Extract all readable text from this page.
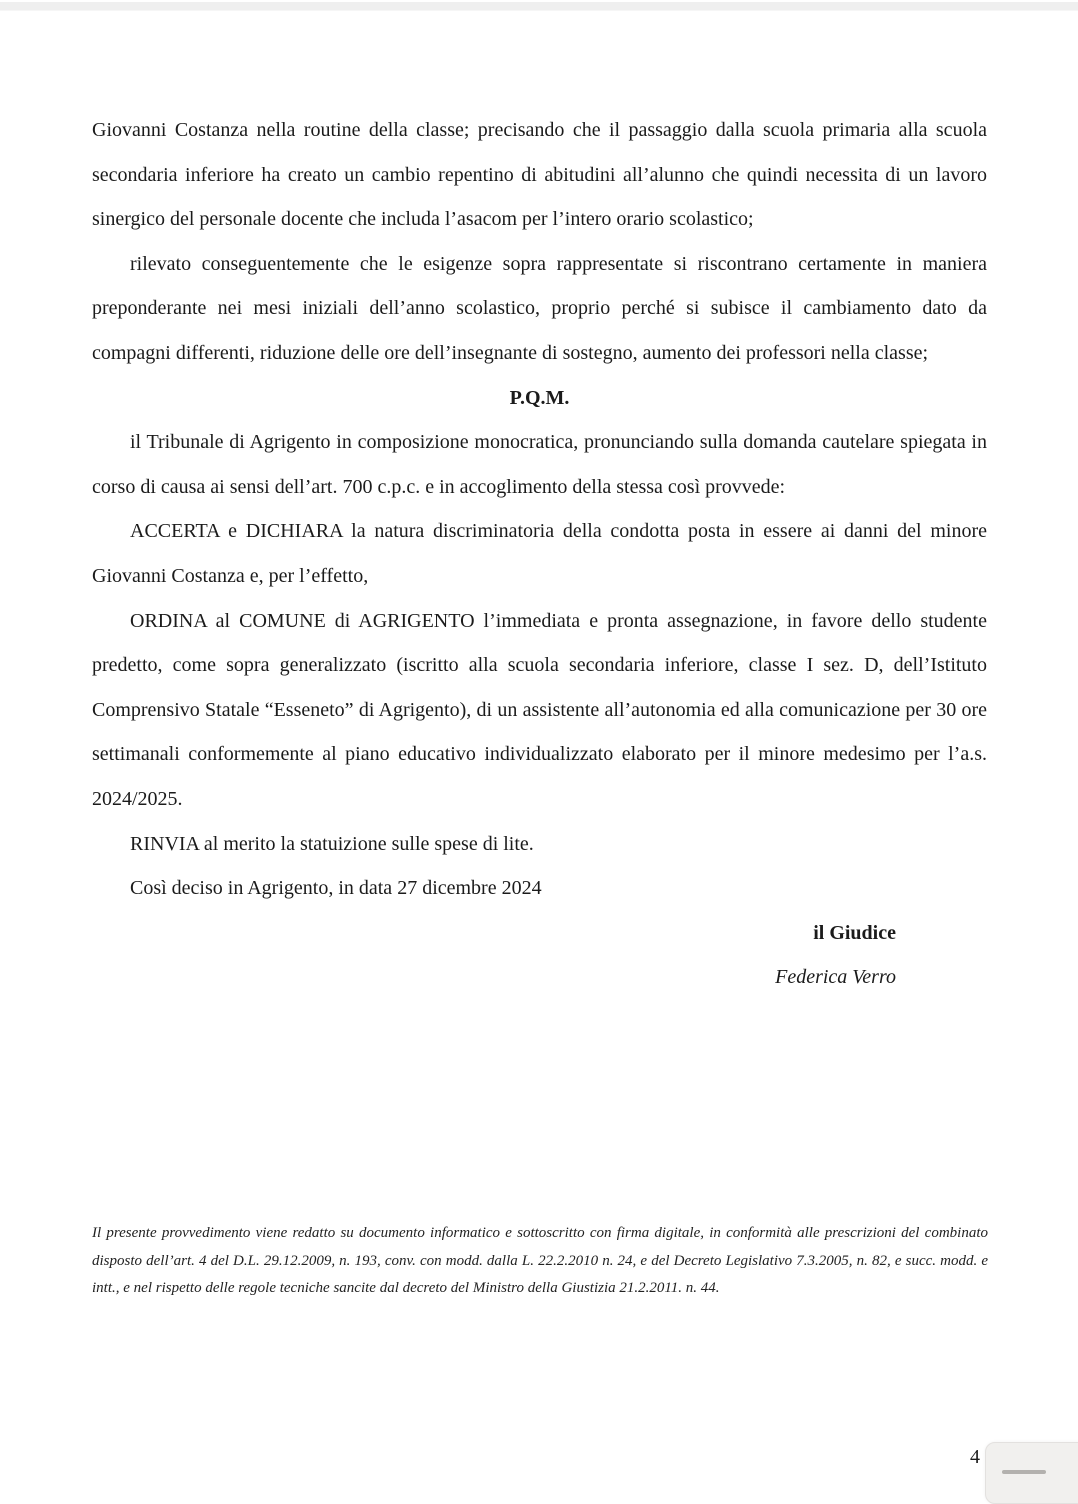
Giovanni Costanza nella routine della classe; precisando che il passaggio dalla scuola primaria alla scuola secondaria inferiore ha creato un cambio repentino di abitudini all’alunno che quindi necessita di un lavoro sinergico del personale docente che includa l’asacom per l’intero orario scolastico;

rilevato conseguentemente che le esigenze sopra rappresentate si riscontrano certamente in maniera preponderante nei mesi iniziali dell’anno scolastico, proprio perché si subisce il cambiamento dato da compagni differenti, riduzione delle ore dell’insegnante di sostegno, aumento dei professori nella classe;

P.Q.M.

il Tribunale di Agrigento in composizione monocratica, pronunciando sulla domanda cautelare spiegata in corso di causa ai sensi dell’art. 700 c.p.c. e in accoglimento della stessa così provvede:

ACCERTA e DICHIARA la natura discriminatoria della condotta posta in essere ai danni del minore Giovanni Costanza e, per l’effetto,

ORDINA al COMUNE di AGRIGENTO l’immediata e pronta assegnazione, in favore dello studente predetto, come sopra generalizzato (iscritto alla scuola secondaria inferiore, classe I sez. D, dell’Istituto Comprensivo Statale “Esseneto” di Agrigento), di un assistente all’autonomia ed alla comunicazione per 30 ore settimanali conformemente al piano educativo individualizzato elaborato per il minore medesimo per l’a.s. 2024/2025.

RINVIA al merito la statuizione sulle spese di lite.

Così deciso in Agrigento, in data 27 dicembre 2024

il Giudice

Federica Verro

Il presente provvedimento viene redatto su documento informatico e sottoscritto con firma digitale, in conformità alle prescrizioni del combinato disposto dell’art. 4 del D.L. 29.12.2009, n. 193, conv. con modd. dalla L. 22.2.2010 n. 24, e del Decreto Legislativo 7.3.2005, n. 82, e succ. modd. e intt., e nel rispetto delle regole tecniche sancite dal decreto del Ministro della Giustizia 21.2.2011. n. 44.
4
